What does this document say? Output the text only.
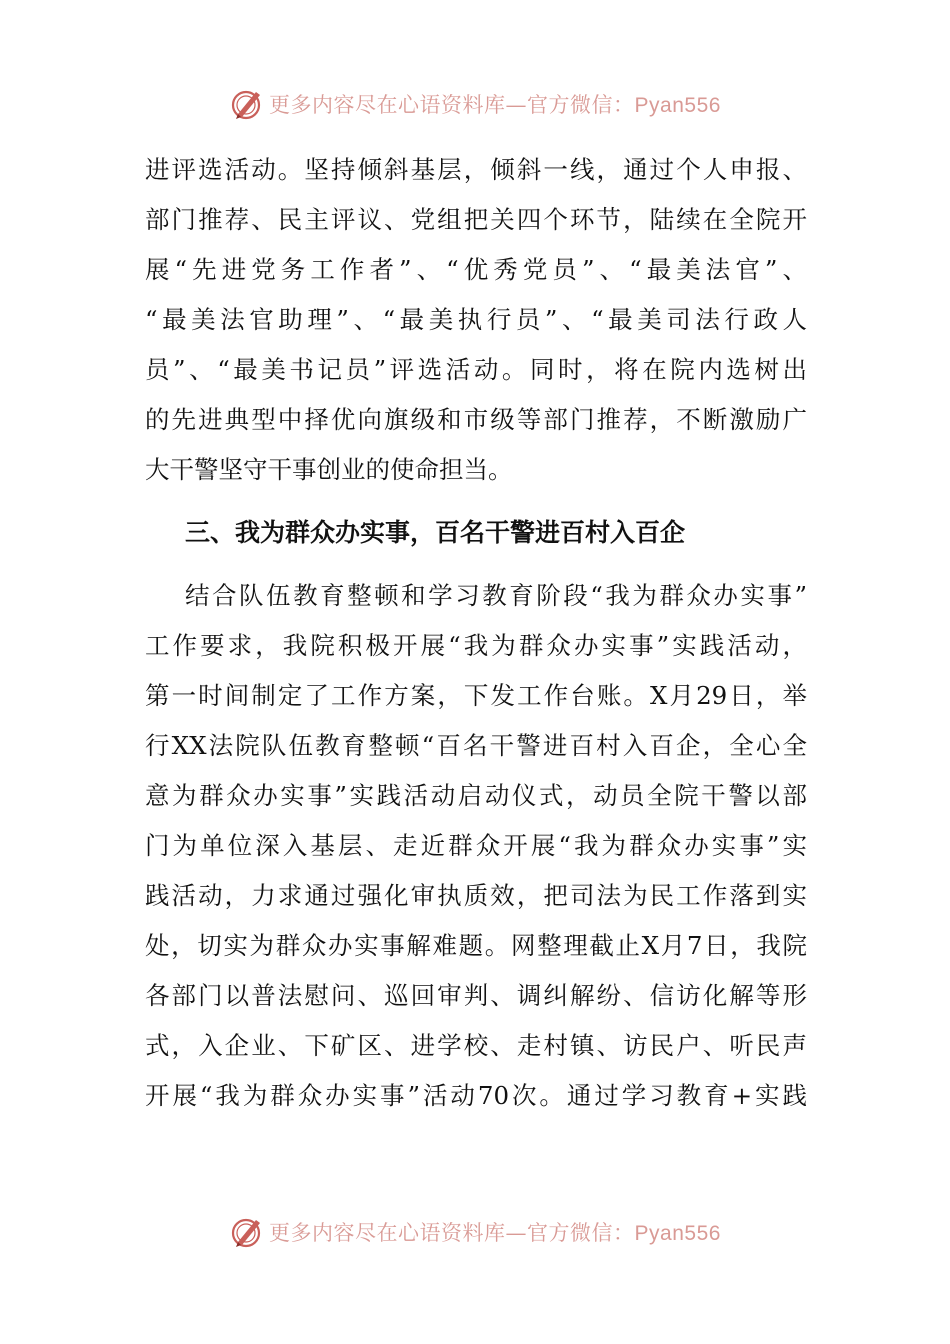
更多内容尽在心语资料库—官方微信：Pyan556
进评选活动。坚持倾斜基层，倾斜一线，通过个人申报、
部门推荐、民主评议、党组把关四个环节，陆续在全院开
展“先进党务工作者”、“优秀党员”、“最美法官”、
“最美法官助理”、“最美执行员”、“最美司法行政人
员”、“最美书记员”评选活动。同时，将在院内选树出
的先进典型中择优向旗级和市级等部门推荐，不断激励广
大干警坚守干事创业的使命担当。
三、我为群众办实事，百名干警进百村入百企
结合队伍教育整顿和学习教育阶段“我为群众办实事”
工作要求，我院积极开展“我为群众办实事”实践活动，
第一时间制定了工作方案，下发工作台账。X月29日，举
行XX法院队伍教育整顿“百名干警进百村入百企，全心全
意为群众办实事”实践活动启动仪式，动员全院干警以部
门为单位深入基层、走近群众开展“我为群众办实事”实
践活动，力求通过强化审执质效，把司法为民工作落到实
处，切实为群众办实事解难题。网整理截止X月7日，我院
各部门以普法慰问、巡回审判、调纠解纷、信访化解等形
式，入企业、下矿区、进学校、走村镇、访民户、听民声
开展“我为群众办实事”活动70次。通过学习教育+实践
更多内容尽在心语资料库—官方微信：Pyan556
